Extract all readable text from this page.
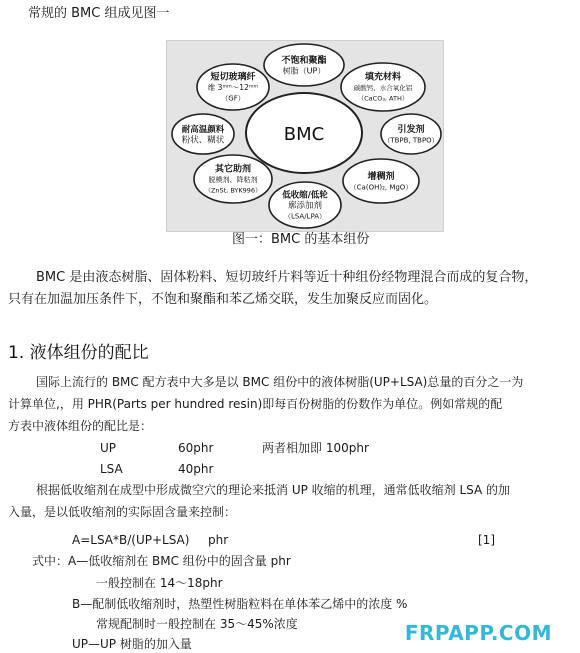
常规的 BMC 组成见图一
BMC
不饱和聚酯
树脂（UP）
填充材料
碳酸钙、水合氧化铝
（CaCO₃, ATH）
引发剂
（TBPB, TBPO）
增稠剂
（Ca(OH)₂, MgO）
低收缩/低轮
廓添加剂
（LSA/LPA）
其它助剂
脱模剂、降粘剂
（ZnSt, BYK996）
耐高温颜料
粉状、糊状
短切玻璃纤
维 3ᵐᵐ～12ᵐᵐ
（GF）
图一：BMC 的基本组份
BMC 是由液态树脂、固体粉料、短切玻纤片料等近十种组份经物理混合而成的复合物，
只有在加温加压条件下，不饱和聚酯和苯乙烯交联，发生加聚反应而固化。
1. 液体组份的配比
国际上流行的 BMC 配方表中大多是以 BMC 组份中的液体树脂(UP+LSA)总量的百分之一为
计算单位,，用 PHR(Parts per hundred resin)即每百份树脂的份数作为单位。例如常规的配
方表中液体组份的配比是：
UP	60phr	两者相加即 100phr
LSA	40phr
根据低收缩剂在成型中形成微空穴的理论来抵消 UP 收缩的机理，通常低收缩剂 LSA 的加
入量，是以低收缩剂的实际固含量来控制：
A=LSA*B/(UP+LSA) phr	[1]
式中：A—低收缩剂在 BMC 组份中的固含量 phr
一般控制在 14～18phr
B—配制低收缩剂时，热塑性树脂粒料在单体苯乙烯中的浓度 %
常规配制时一般控制在 35～45%浓度
UP—UP 树脂的加入量	FRPAPP.COM
